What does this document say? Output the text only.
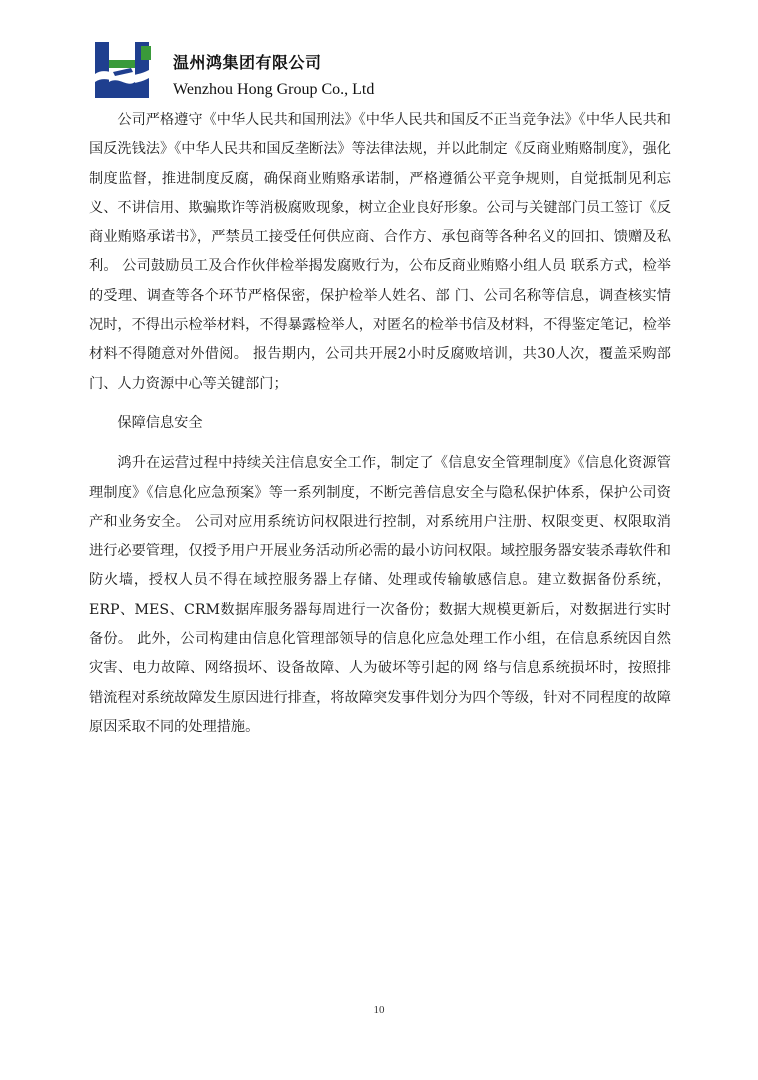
温州鸿集团有限公司
Wenzhou Hong Group Co., Ltd

公司严格遵守《中华人民共和国刑法》《中华人民共和国反不正当竞争法》《中华人民共和国反洗钱法》《中华人民共和国反垄断法》等法律法规，并以此制定《反商业贿赂制度》，强化制度监督，推进制度反腐，确保商业贿赂承诺制，严格遵循公平竞争规则，自觉抵制见利忘义、不讲信用、欺骗欺诈等消极腐败现象，树立企业良好形象。公司与关键部门员工签订《反商业贿赂承诺书》，严禁员工接受任何供应商、合作方、承包商等各种名义的回扣、馈赠及私利。 公司鼓励员工及合作伙伴检举揭发腐败行为，公布反商业贿赂小组人员 联系方式，检举的受理、调查等各个环节严格保密，保护检举人姓名、部 门、公司名称等信息，调查核实情况时，不得出示检举材料，不得暴露检举人，对匿名的检举书信及材料，不得鉴定笔记，检举材料不得随意对外借阅。 报告期内，公司共开展2小时反腐败培训，共30人次，覆盖采购部门、人力资源中心等关键部门；

保障信息安全

鸿升在运营过程中持续关注信息安全工作，制定了《信息安全管理制度》《信息化资源管理制度》《信息化应急预案》等一系列制度，不断完善信息安全与隐私保护体系，保护公司资产和业务安全。 公司对应用系统访问权限进行控制，对系统用户注册、权限变更、权限取消进行必要管理，仅授予用户开展业务活动所必需的最小访问权限。域控服务器安装杀毒软件和防火墙，授权人员不得在域控服务器上存储、处理或传输敏感信息。建立数据备份系统，ERP、MES、CRM数据库服务器每周进行一次备份；数据大规模更新后，对数据进行实时备份。 此外，公司构建由信息化管理部领导的信息化应急处理工作小组，在信息系统因自然灾害、电力故障、网络损坏、设备故障、人为破坏等引起的网 络与信息系统损坏时，按照排错流程对系统故障发生原因进行排查，将故障突发事件划分为四个等级，针对不同程度的故障原因采取不同的处理措施。

10
